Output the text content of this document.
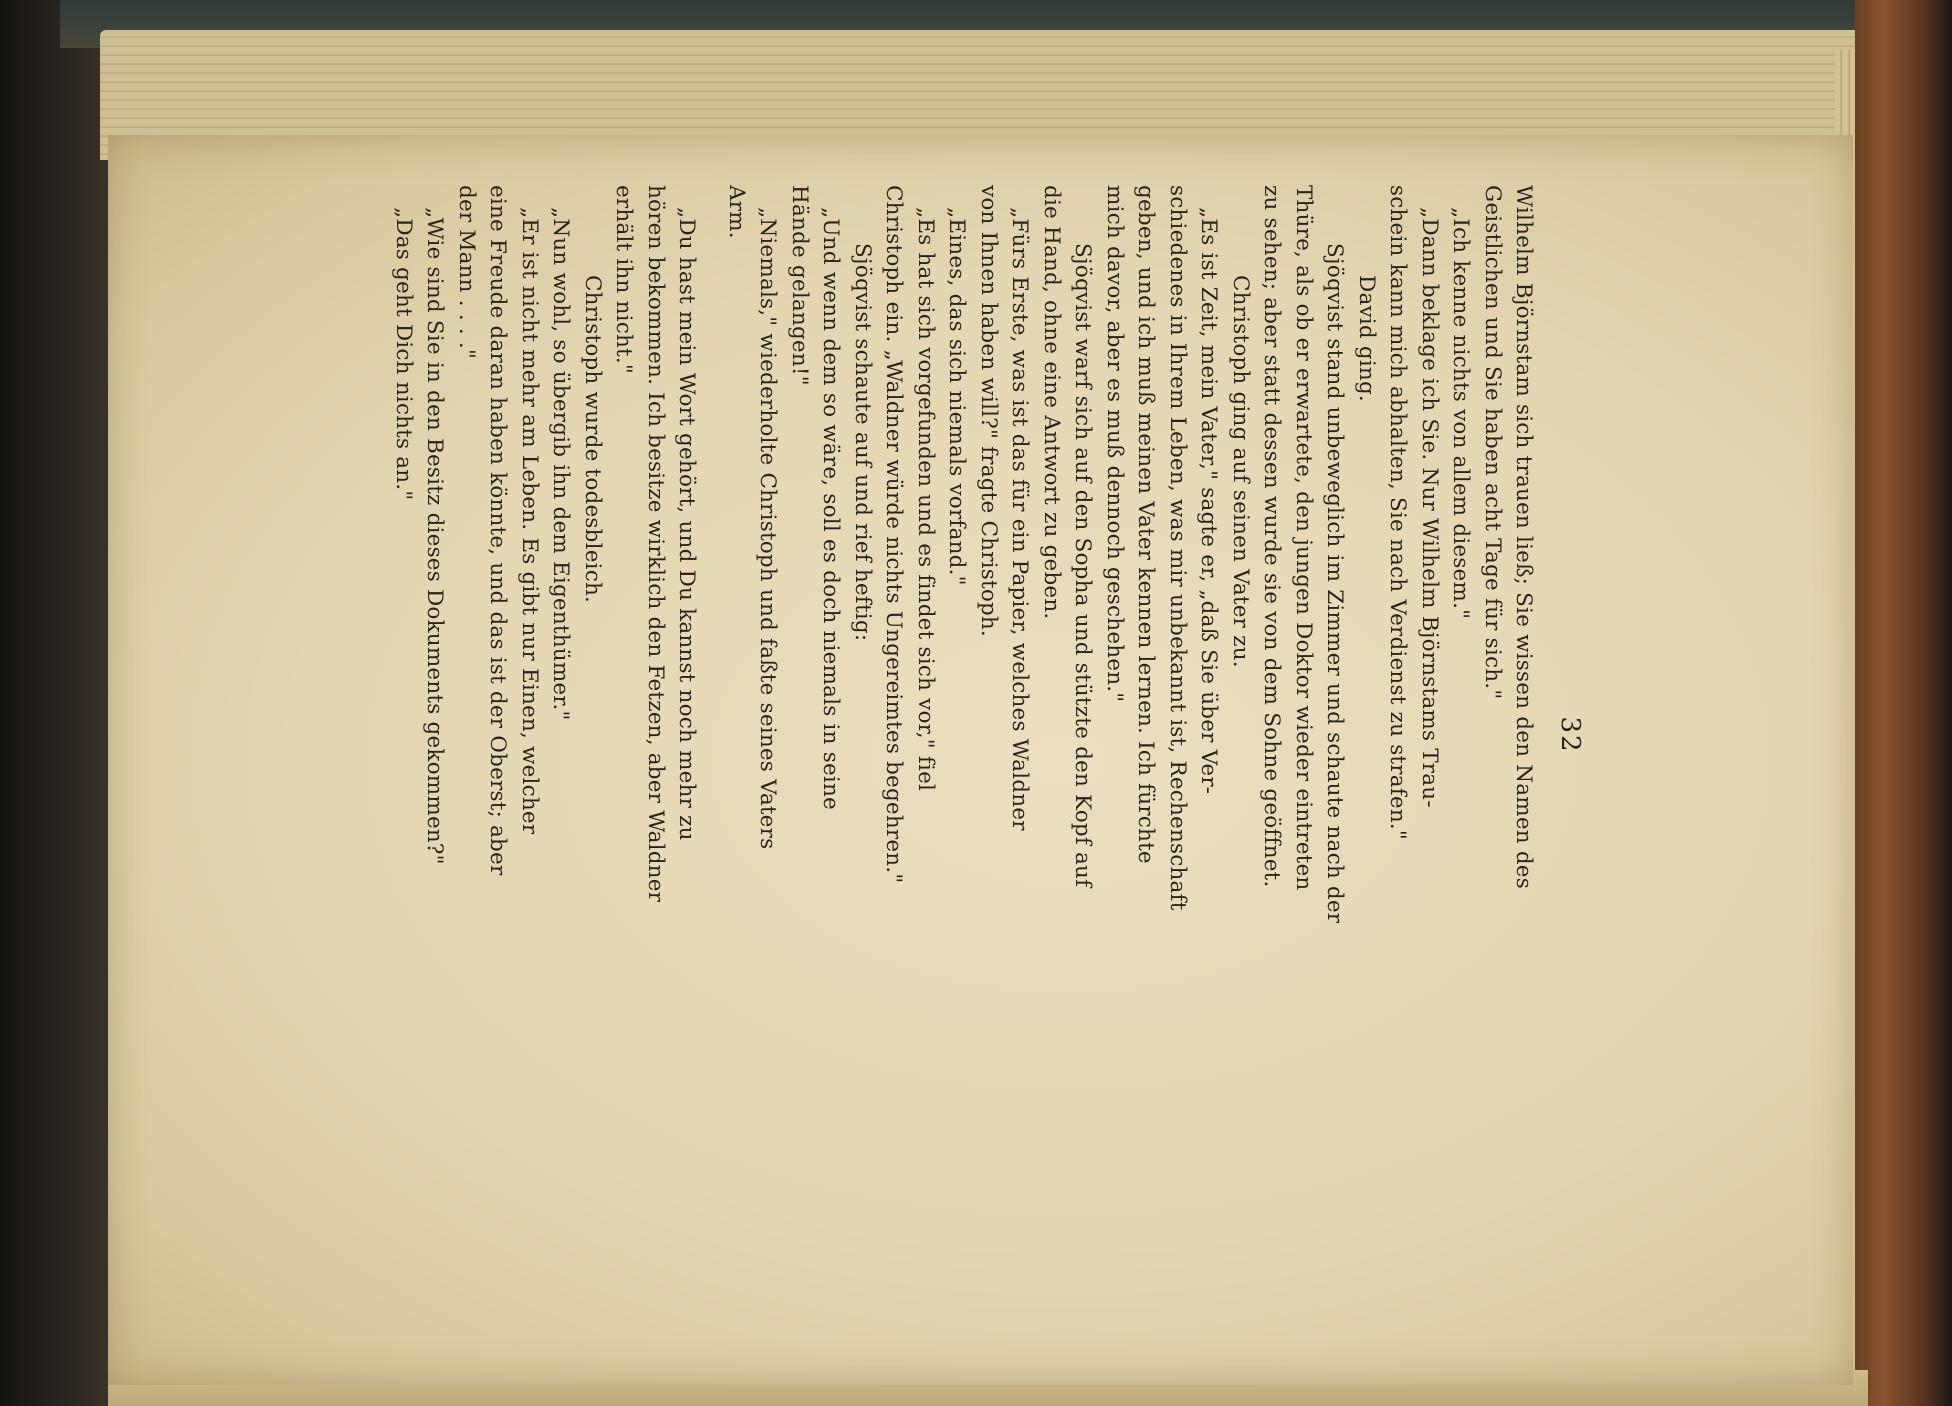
32
Wilhelm Björnstam sich trauen ließ; Sie wissen den Namen des
Geistlichen und Sie haben acht Tage für sich."
„Ich kenne nichts von allem diesem."
„Dann beklage ich Sie. Nur Wilhelm Björnstams Trau-
schein kann mich abhalten, Sie nach Verdienst zu strafen."
David ging.
Sjöqvist stand unbeweglich im Zimmer und schaute nach der
Thüre, als ob er erwartete, den jungen Doktor wieder eintreten
zu sehen; aber statt dessen wurde sie von dem Sohne geöffnet.
Christoph ging auf seinen Vater zu.
„Es ist Zeit, mein Vater," sagte er, „daß Sie über Ver-
schiedenes in Ihrem Leben, was mir unbekannt ist, Rechenschaft
geben, und ich muß meinen Vater kennen lernen. Ich fürchte
mich davor, aber es muß dennoch geschehen."
Sjöqvist warf sich auf den Sopha und stützte den Kopf auf
die Hand, ohne eine Antwort zu geben.
„Fürs Erste, was ist das für ein Papier, welches Waldner
von Ihnen haben will?" fragte Christoph.
„Eines, das sich niemals vorfand."
„Es hat sich vorgefunden und es findet sich vor," fiel
Christoph ein. „Waldner würde nichts Ungereimtes begehren."
Sjöqvist schaute auf und rief heftig:
„Und wenn dem so wäre, soll es doch niemals in seine
Hände gelangen!"
„Niemals," wiederholte Christoph und faßte seines Vaters
Arm.
„Du hast mein Wort gehört, und Du kannst noch mehr zu
hören bekommen. Ich besitze wirklich den Fetzen, aber Waldner
erhält ihn nicht."
Christoph wurde todesbleich.
„Nun wohl, so übergib ihn dem Eigenthümer."
„Er ist nicht mehr am Leben. Es gibt nur Einen, welcher
eine Freude daran haben könnte, und das ist der Oberst; aber
der Mann . . . ."
„Wie sind Sie in den Besitz dieses Dokuments gekommen?"
„Das geht Dich nichts an."
